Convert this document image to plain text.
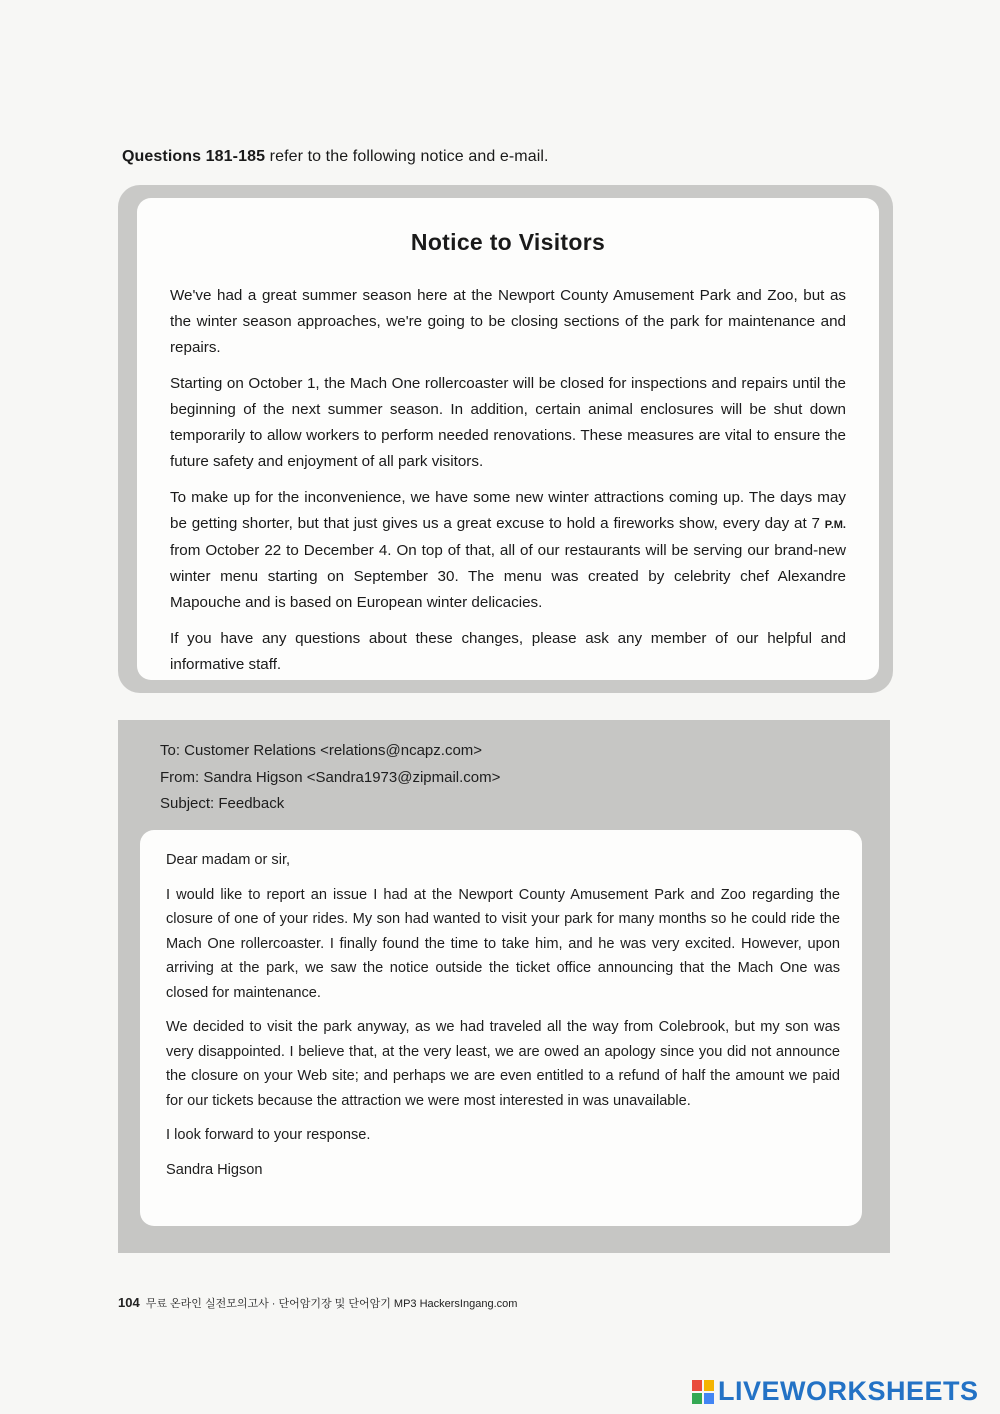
Questions 181-185 refer to the following notice and e-mail.
Notice to Visitors

We've had a great summer season here at the Newport County Amusement Park and Zoo, but as the winter season approaches, we're going to be closing sections of the park for maintenance and repairs.

Starting on October 1, the Mach One rollercoaster will be closed for inspections and repairs until the beginning of the next summer season. In addition, certain animal enclosures will be shut down temporarily to allow workers to perform needed renovations. These measures are vital to ensure the future safety and enjoyment of all park visitors.

To make up for the inconvenience, we have some new winter attractions coming up. The days may be getting shorter, but that just gives us a great excuse to hold a fireworks show, every day at 7 P.M. from October 22 to December 4. On top of that, all of our restaurants will be serving our brand-new winter menu starting on September 30. The menu was created by celebrity chef Alexandre Mapouche and is based on European winter delicacies.

If you have any questions about these changes, please ask any member of our helpful and informative staff.

To: Customer Relations <relations@ncapz.com>
From: Sandra Higson <Sandra1973@zipmail.com>
Subject: Feedback

Dear madam or sir,

I would like to report an issue I had at the Newport County Amusement Park and Zoo regarding the closure of one of your rides. My son had wanted to visit your park for many months so he could ride the Mach One rollercoaster. I finally found the time to take him, and he was very excited. However, upon arriving at the park, we saw the notice outside the ticket office announcing that the Mach One was closed for maintenance.

We decided to visit the park anyway, as we had traveled all the way from Colebrook, but my son was very disappointed. I believe that, at the very least, we are owed an apology since you did not announce the closure on your Web site; and perhaps we are even entitled to a refund of half the amount we paid for our tickets because the attraction we were most interested in was unavailable.

I look forward to your response.

Sandra Higson

104 무료 온라인 실전모의고사 · 단어암기장 및 단어암기 MP3 HackersIngang.com
LIVEWORKSHEETS
